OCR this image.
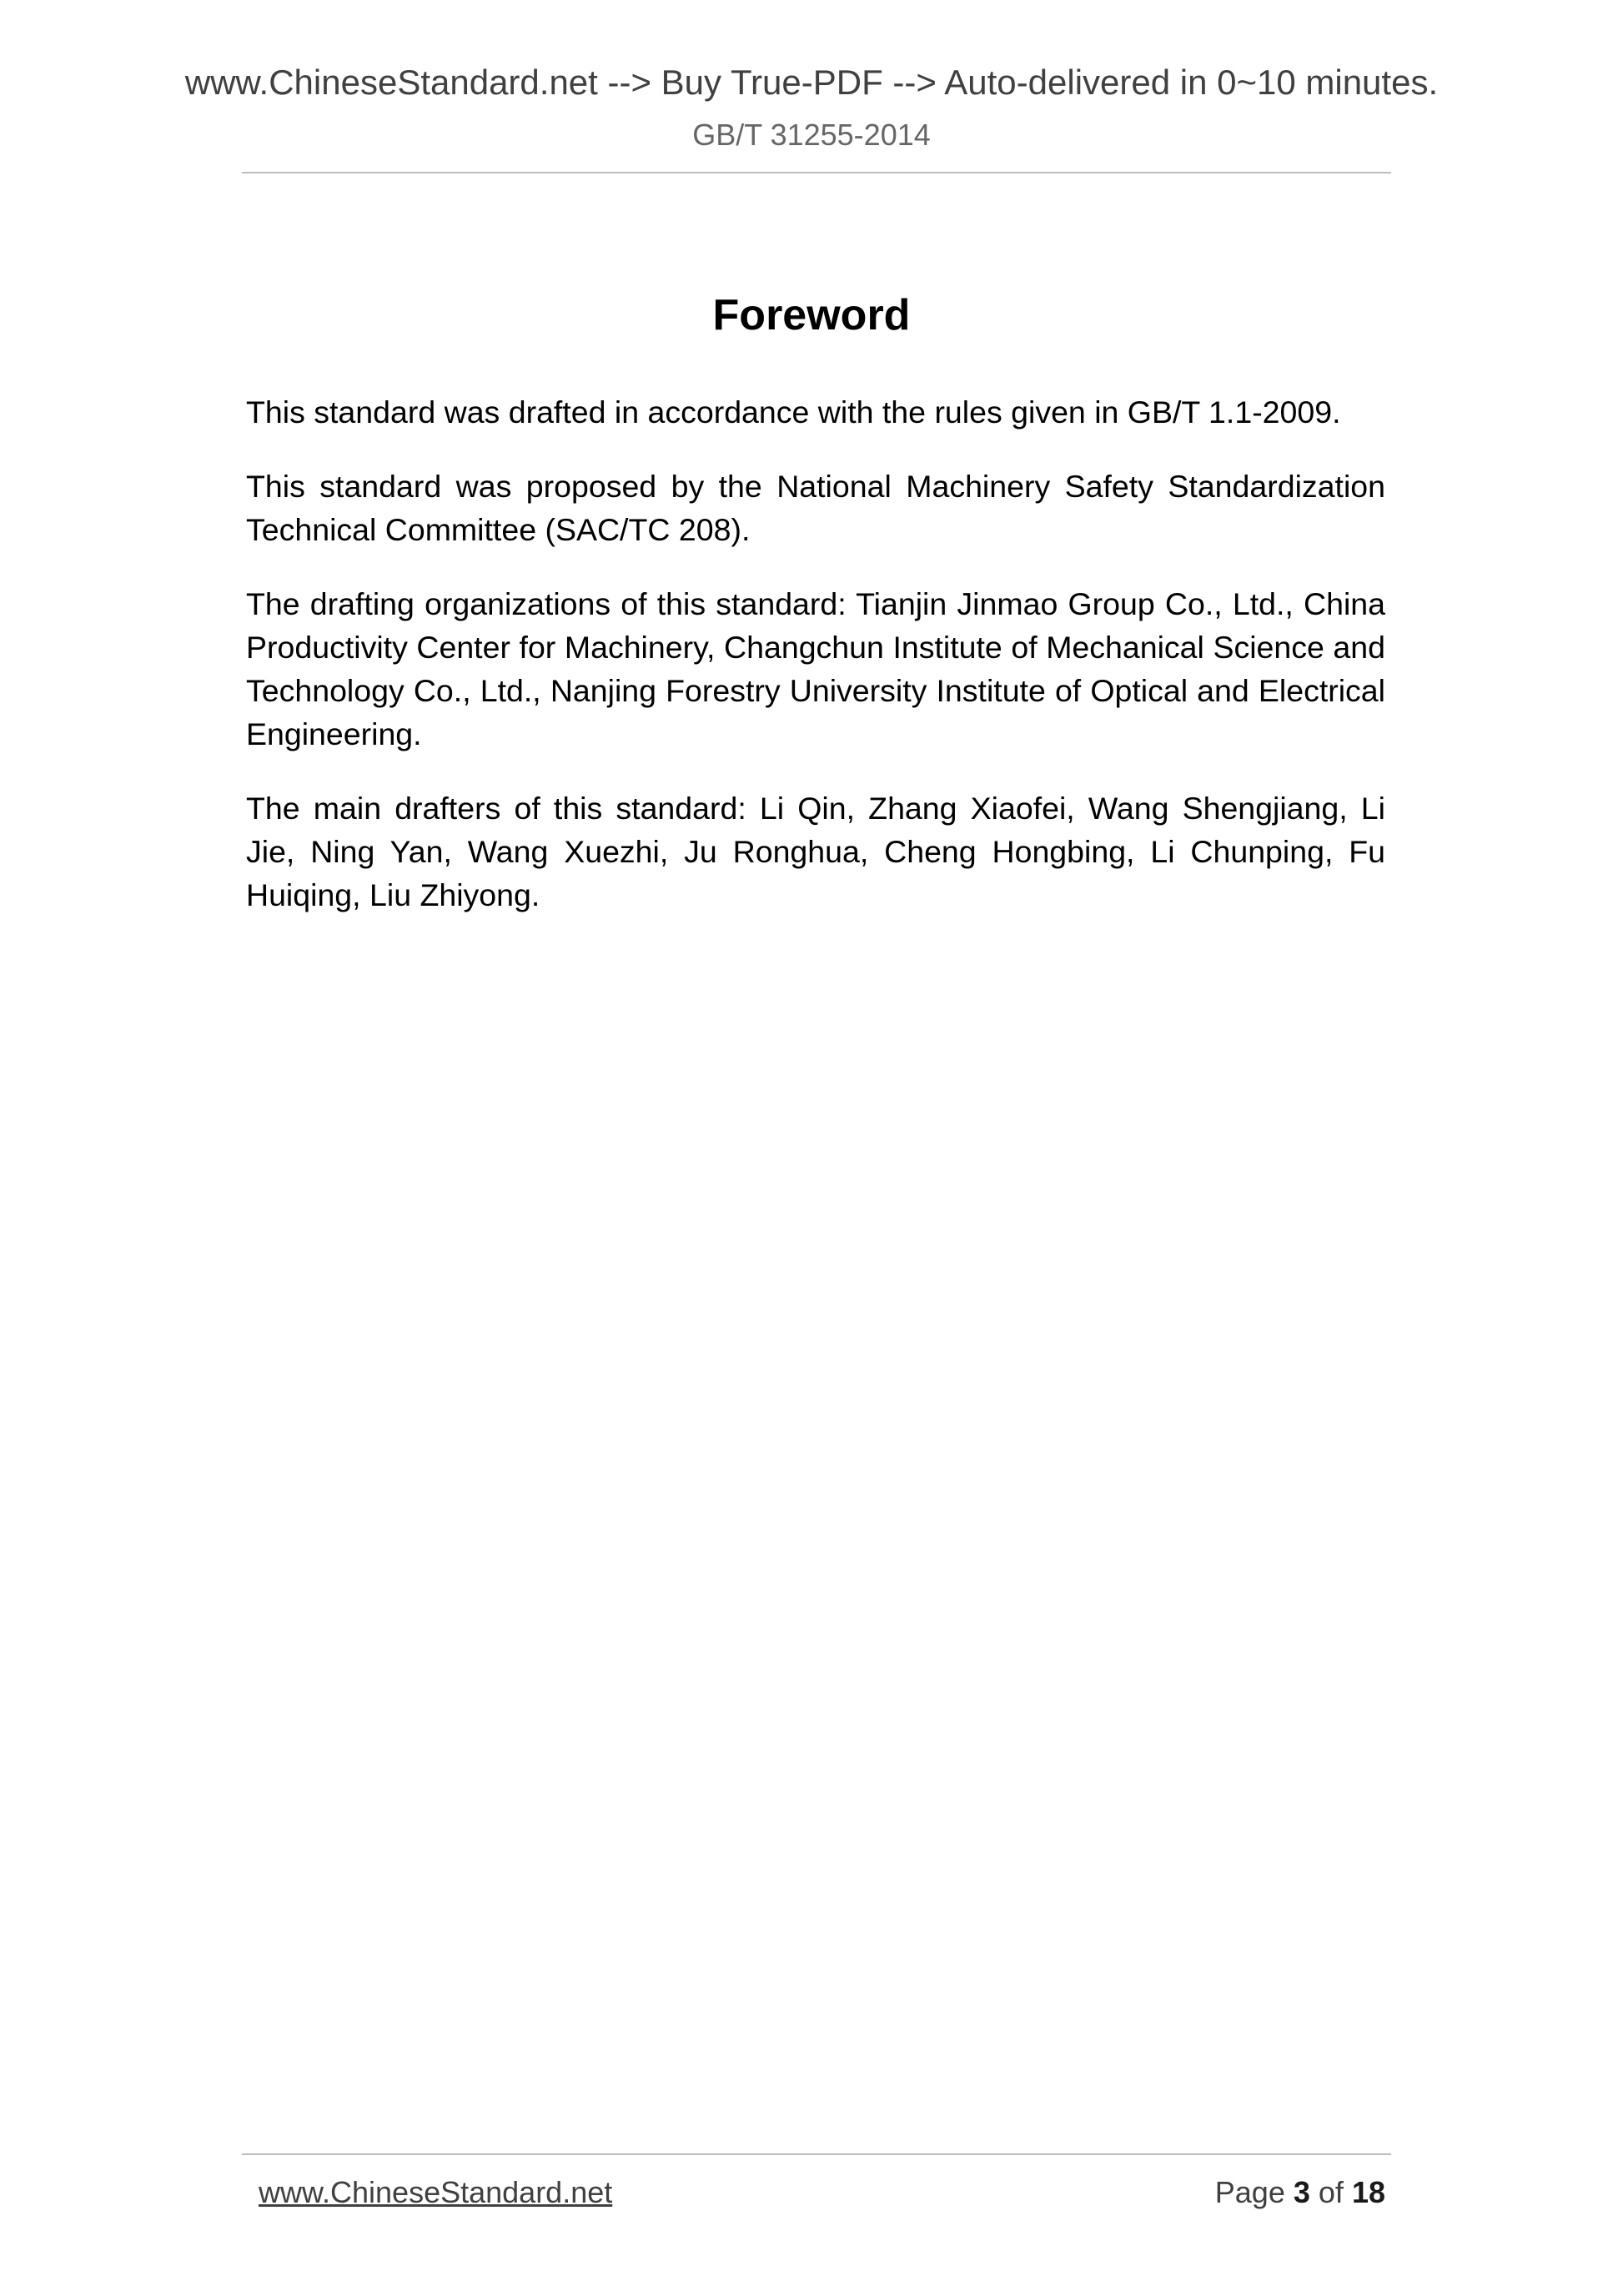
www.ChineseStandard.net --> Buy True-PDF --> Auto-delivered in 0~10 minutes.
GB/T 31255-2014
Foreword

This standard was drafted in accordance with the rules given in GB/T 1.1-2009.

This standard was proposed by the National Machinery Safety Standardization Technical Committee (SAC/TC 208).

The drafting organizations of this standard: Tianjin Jinmao Group Co., Ltd., China Productivity Center for Machinery, Changchun Institute of Mechanical Science and Technology Co., Ltd., Nanjing Forestry University Institute of Optical and Electrical Engineering.

The main drafters of this standard: Li Qin, Zhang Xiaofei, Wang Shengjiang, Li Jie, Ning Yan, Wang Xuezhi, Ju Ronghua, Cheng Hongbing, Li Chunping, Fu Huiqing, Liu Zhiyong.

www.ChineseStandard.net	Page 3 of 18
